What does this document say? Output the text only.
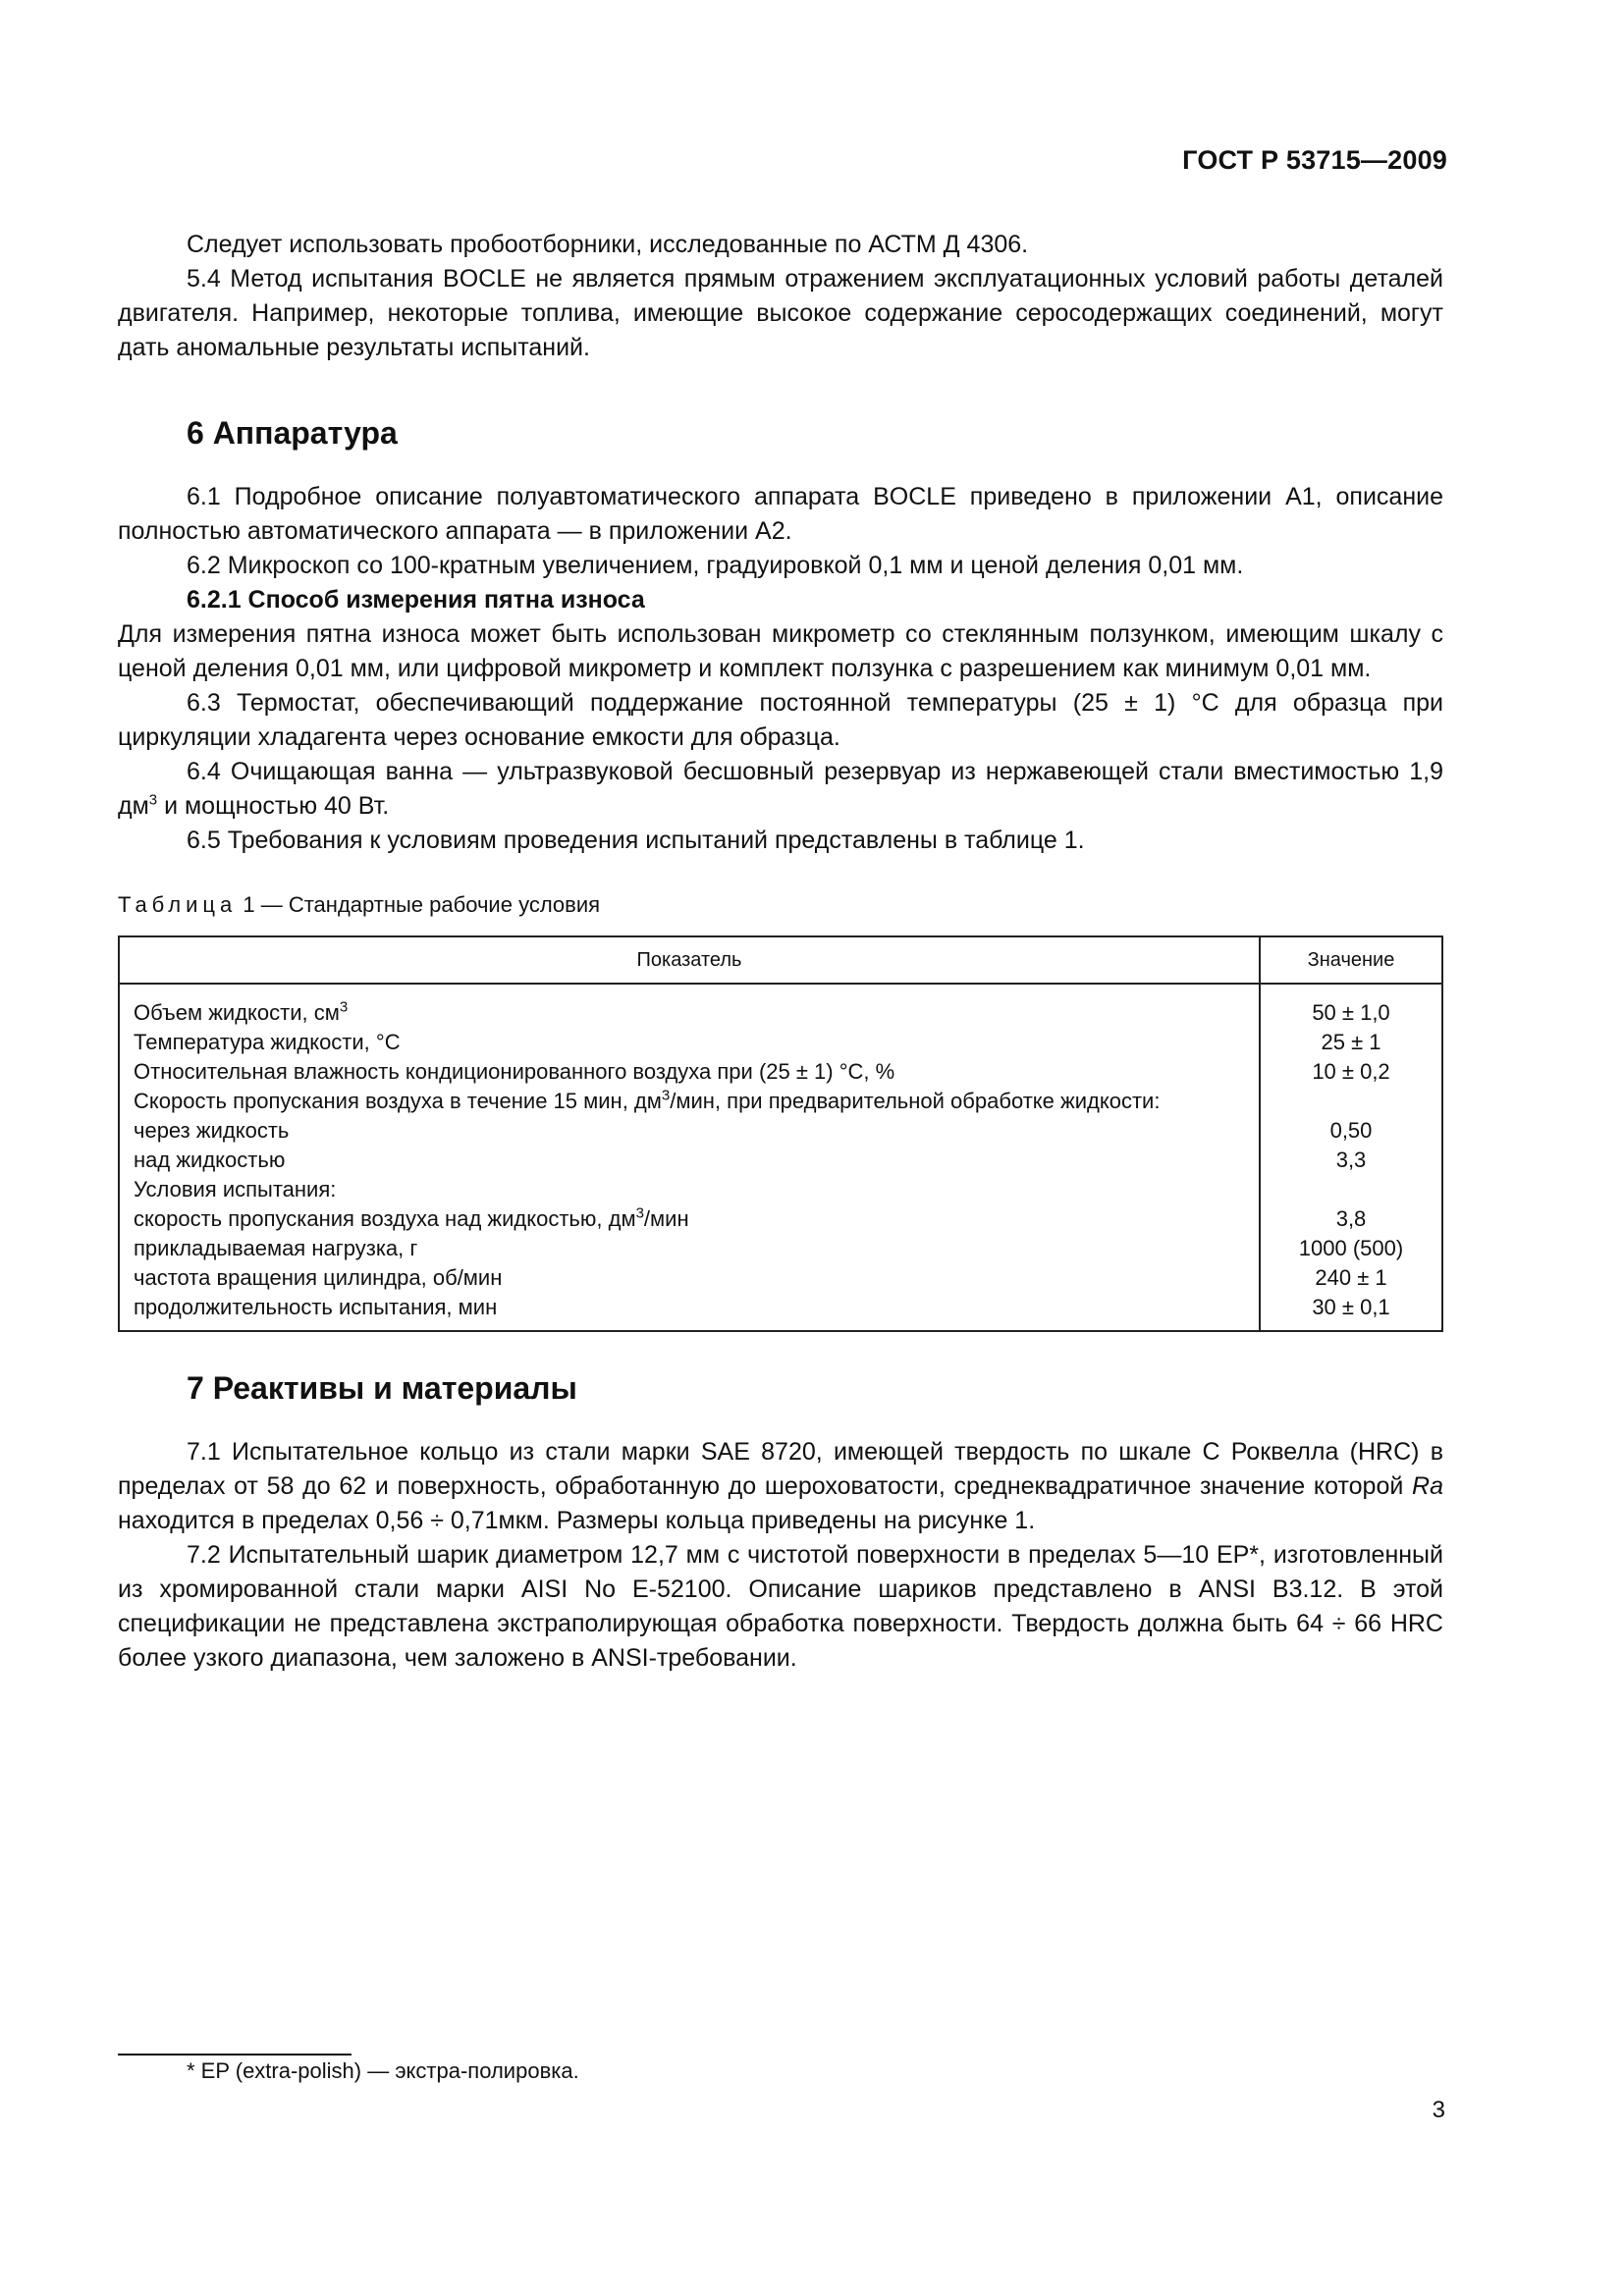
ГОСТ Р 53715—2009

Следует использовать пробоотборники, исследованные по АСТМ Д 4306.

5.4 Метод испытания BOCLE не является прямым отражением эксплуатационных условий работы деталей двигателя. Например, некоторые топлива, имеющие высокое содержание серосодержащих соединений, могут дать аномальные результаты испытаний.

6 Аппаратура

6.1 Подробное описание полуавтоматического аппарата BOCLE приведено в приложении А1, описание полностью автоматического аппарата — в приложении А2.

6.2 Микроскоп со 100-кратным увеличением, градуировкой 0,1 мм и ценой деления 0,01 мм.

6.2.1 Способ измерения пятна износа

Для измерения пятна износа может быть использован микрометр со стеклянным ползунком, имеющим шкалу с ценой деления 0,01 мм, или цифровой микрометр и комплект ползунка с разрешением как минимум 0,01 мм.

6.3 Термостат, обеспечивающий поддержание постоянной температуры (25 ± 1) °С для образца при циркуляции хладагента через основание емкости для образца.

6.4 Очищающая ванна — ультразвуковой бесшовный резервуар из нержавеющей стали вместимостью 1,9 $дм^3$ и мощностью 40 Вт.

6.5 Требования к условиям проведения испытаний представлены в таблице 1.

Таблица 1 — Стандартные рабочие условия
Показатель	Значение
Объем жидкости, $см^3$	50 ± 1,0
Температура жидкости, °С	25 ± 1
Относительная влажность кондиционированного воздуха при (25 ± 1) °С, %	10 ± 0,2
Скорость пропускания воздуха в течение 15 мин, $дм^3$/мин, при предварительной обработке жидкости:	
через жидкость	0,50
над жидкостью	3,3
Условия испытания:	
скорость пропускания воздуха над жидкостью, $дм^3$/мин	3,8
прикладываемая нагрузка, г	1000 (500)
частота вращения цилиндра, об/мин	240 ± 1
продолжительность испытания, мин	30 ± 0,1
7 Реактивы и материалы

7.1 Испытательное кольцо из стали марки SAE 8720, имеющей твердость по шкале С Роквелла (HRC) в пределах от 58 до 62 и поверхность, обработанную до шероховатости, среднеквадратичное значение которой Ra находится в пределах 0,56 ÷ 0,71мкм. Размеры кольца приведены на рисунке 1.

7.2 Испытательный шарик диаметром 12,7 мм с чистотой поверхности в пределах 5—10 ЕР*, изготовленный из хромированной стали марки AISI No E-52100. Описание шариков представлено в ANSI B3.12. В этой спецификации не представлена экстраполирующая обработка поверхности. Твердость должна быть 64 ÷ 66 HRC более узкого диапазона, чем заложено в ANSI-требовании.

* EP (extra-polish) — экстра-полировка.
3
